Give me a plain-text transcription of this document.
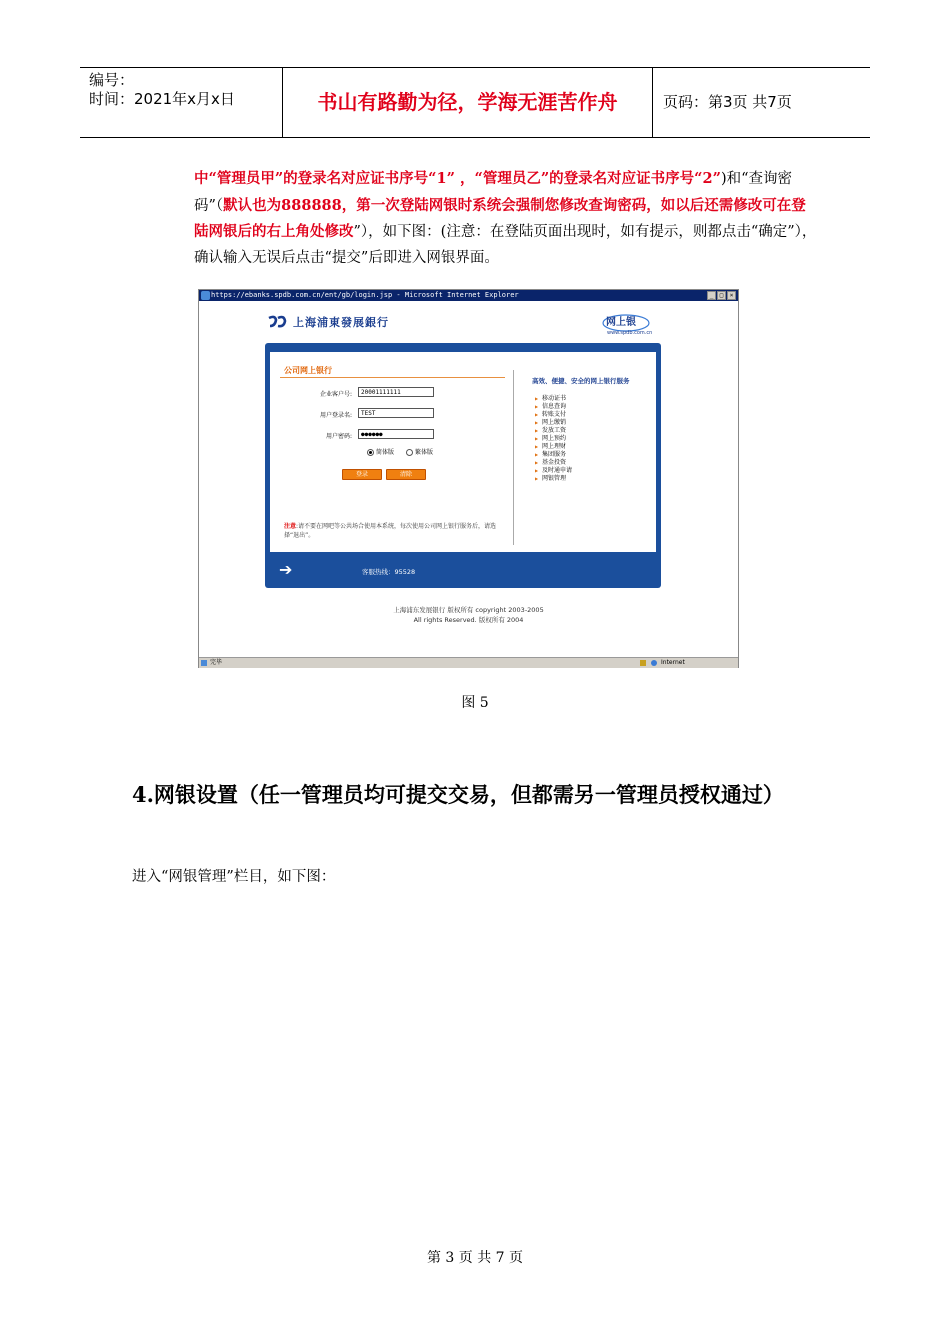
编号：
时间：2021年x月x日	书山有路勤为径，学海无涯苦作舟	页码：第3页 共7页
中“管理员甲”的登录名对应证书序号“1” ，“管理员乙”的登录名对应证书序号“2”)和“查询密码”（默认也为888888，第一次登陆网银时系统会强制您修改查询密码，如以后还需修改可在登陆网银后的右上角处修改”），如下图：(注意：在登陆页面出现时，如有提示，则都点击“确定”），确认输入无误后点击“提交”后即进入网银界面。
https://ebanks.spdb.com.cn/ent/gb/login.jsp - Microsoft Internet Explorer	_	□	×
上海浦東發展銀行	网上银
www.spdb.com.cn
公司网上银行
企业客户号:	20001111111
用户登录名:	TEST
用户密码:	●●●●●●
简体版	繁体版
登录	清除
注意:请不要在网吧等公共场合使用本系统，每次使用公司网上银行服务后，请选择“退出”。
高效、便捷、安全的网上银行服务
▶ 移动证书
▶ 信息查询
▶ 转账支付
▶ 网上缴销
▶ 发放工资
▶ 网上预约
▶ 网上理财
▶ 集团服务
▶ 基金投资
▶ 及时通申请
▶ 网银管理
➔	客服热线：95528
上海浦东发展银行 版权所有 copyright 2003-2005
All rights Reserved. 版权所有 2004
完毕	Internet
图 5
4.网银设置（任一管理员均可提交交易，但都需另一管理员授权通过）
进入“网银管理”栏目，如下图：
第 3 页 共 7 页
